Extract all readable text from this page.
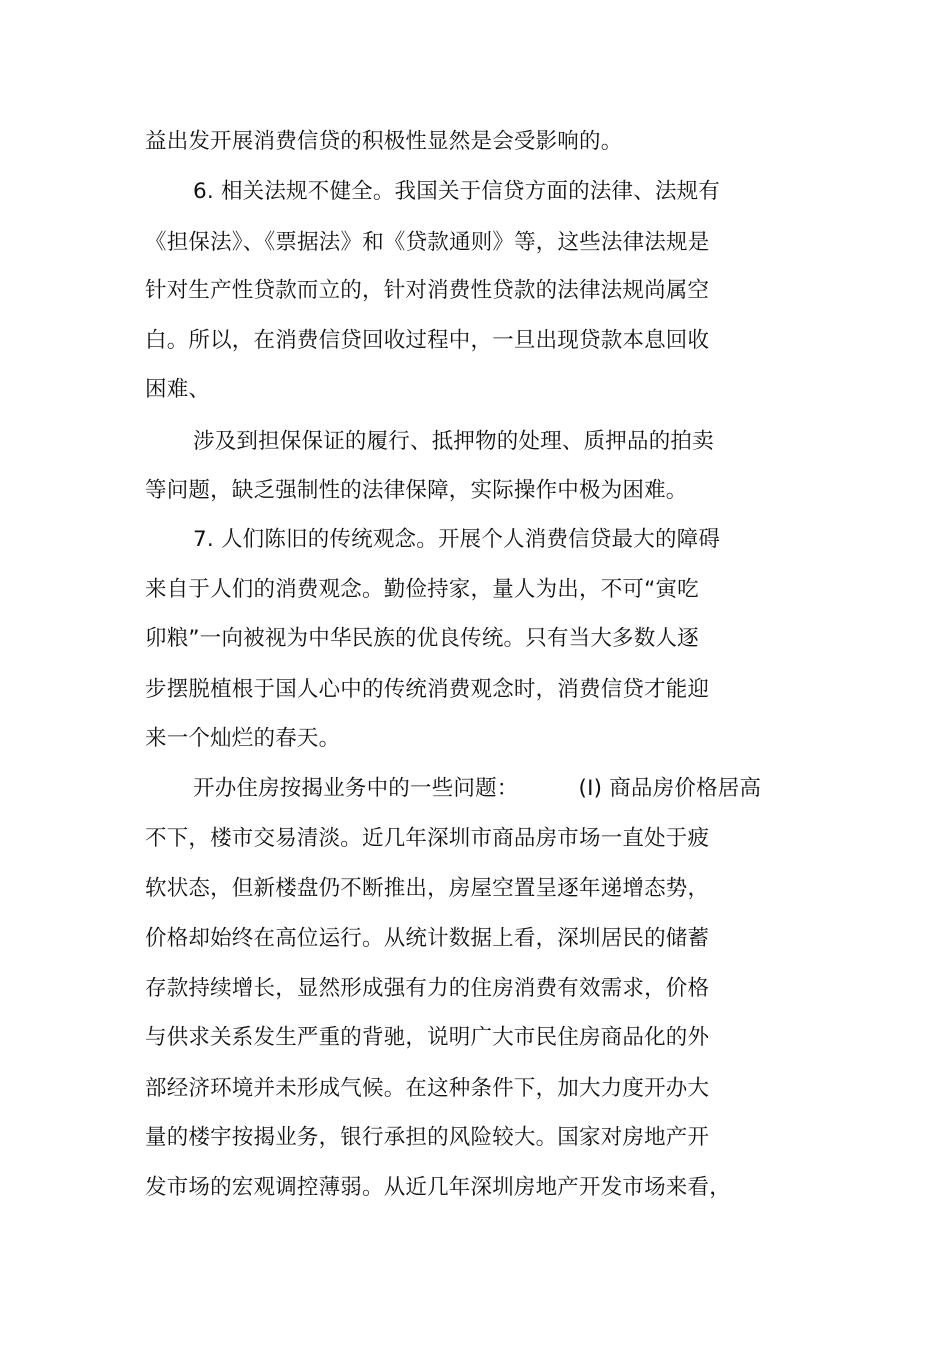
益出发开展消费信贷的积极性显然是会受影响的。
6. 相关法规不健全。我国关于信贷方面的法律、法规有
《担保法》、《票据法》和《贷款通则》等，这些法律法规是
针对生产性贷款而立的，针对消费性贷款的法律法规尚属空
白。所以，在消费信贷回收过程中，一旦出现贷款本息回收
困难、
涉及到担保保证的履行、抵押物的处理、质押品的拍卖
等问题，缺乏强制性的法律保障，实际操作中极为困难。
7. 人们陈旧的传统观念。开展个人消费信贷最大的障碍
来自于人们的消费观念。勤俭持家，量人为出，不可“寅吃
卯粮”一向被视为中华民族的优良传统。只有当大多数人逐
步摆脱植根于国人心中的传统消费观念时，消费信贷才能迎
来一个灿烂的春天。
开办住房按揭业务中的一些问题：	(I) 商品房价格居高
不下，楼市交易清淡。近几年深圳市商品房市场一直处于疲
软状态，但新楼盘仍不断推出，房屋空置呈逐年递增态势，
价格却始终在高位运行。从统计数据上看，深圳居民的储蓄
存款持续增长，显然形成强有力的住房消费有效需求，价格
与供求关系发生严重的背驰，说明广大市民住房商品化的外
部经济环境并未形成气候。在这种条件下，加大力度开办大
量的楼宇按揭业务，银行承担的风险较大。国家对房地产开
发市场的宏观调控薄弱。从近几年深圳房地产开发市场来看，
